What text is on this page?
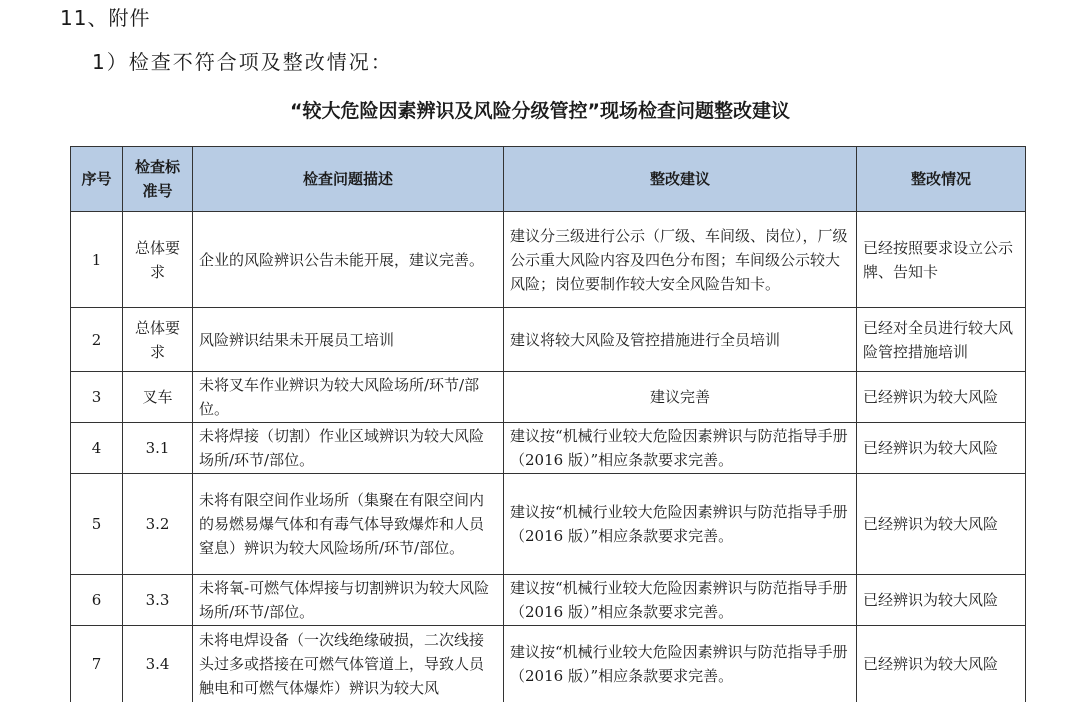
11、附件
1）检查不符合项及整改情况：
“较大危险因素辨识及风险分级管控”现场检查问题整改建议
序号	检查标准号	检查问题描述	整改建议	整改情况
1	总体要求	企业的风险辨识公告未能开展，建议完善。	建议分三级进行公示（厂级、车间级、岗位），厂级公示重大风险内容及四色分布图；车间级公示较大风险；岗位要制作较大安全风险告知卡。	已经按照要求设立公示牌、告知卡
2	总体要求	风险辨识结果未开展员工培训	建议将较大风险及管控措施进行全员培训	已经对全员进行较大风险管控措施培训
3	叉车	未将叉车作业辨识为较大风险场所/环节/部位。	建议完善	已经辨识为较大风险
4	3.1	未将焊接（切割）作业区域辨识为较大风险场所/环节/部位。	建议按“机械行业较大危险因素辨识与防范指导手册（2016 版）”相应条款要求完善。	已经辨识为较大风险
5	3.2	未将有限空间作业场所（集聚在有限空间内的易燃易爆气体和有毒气体导致爆炸和人员窒息）辨识为较大风险场所/环节/部位。	建议按“机械行业较大危险因素辨识与防范指导手册（2016 版）”相应条款要求完善。	已经辨识为较大风险
6	3.3	未将氧-可燃气体焊接与切割辨识为较大风险场所/环节/部位。	建议按“机械行业较大危险因素辨识与防范指导手册（2016 版）”相应条款要求完善。	已经辨识为较大风险
7	3.4	未将电焊设备（一次线绝缘破损，二次线接头过多或搭接在可燃气体管道上，导致人员触电和可燃气体爆炸）辨识为较大风	建议按“机械行业较大危险因素辨识与防范指导手册（2016 版）”相应条款要求完善。	已经辨识为较大风险
